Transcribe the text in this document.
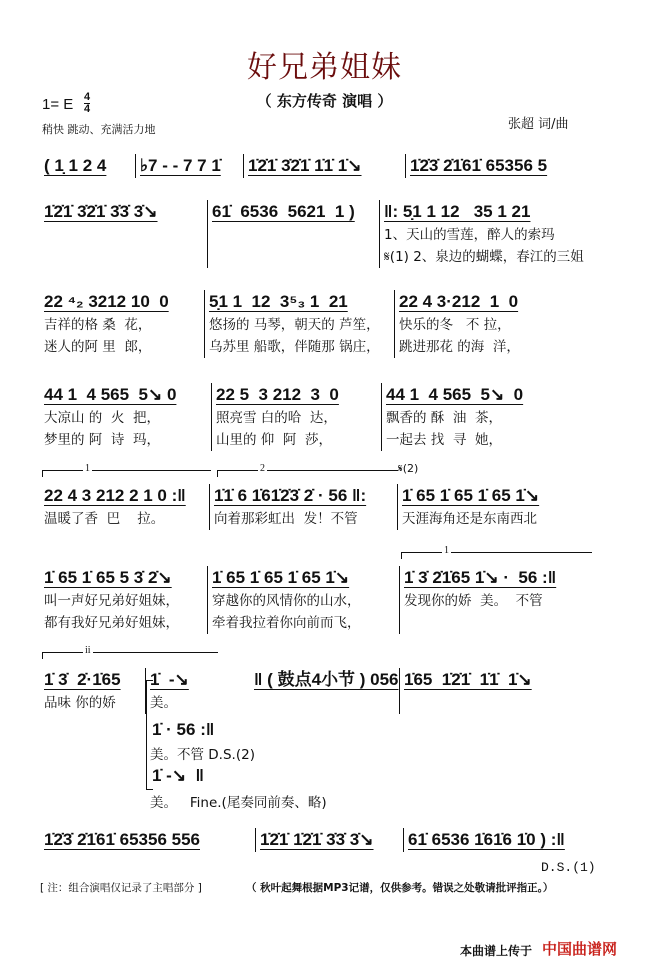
好兄弟姐妹
（ 东方传奇 演唱 ）
1= E 4
4
稍快 跳动、充满活力地	张超 词/曲
( 1̣ 1 2 4	♭7 - - 7 7 1̇	1̇2̇1̇ 3̇2̇1̇ 1̇1̇ 1̇↘	1̇2̇3̇ 2̇1̇61̇ 65356 5
1̇2̇1̇ 3̇2̇1̇ 3̇3̇ 3̇↘	61̇  6536  5621  1 )	‖: 5̣1 1 12   35 1 21
1、天山的雪莲，醉人的索玛
𝄋(1) 2、泉边的蝴蝶，春江的三姐
22 ⁴₂ 3212 10  0
吉祥的格 桑  花，
迷人的阿 里  郎，
5̣1 1  12  3⁵₃ 1  21
悠扬的 马琴，朝天的 芦笙，
乌苏里 船歌，伴随那 锅庄，
22 4 3·212  1  0
快乐的冬   不 拉，
跳进那花 的海  洋，
44 1  4 565  5↘ 0
大凉山 的  火  把，
梦里的 阿  诗  玛，
22 5  3 212  3  0
照亮雪 白的哈  达，
山里的 仰  阿  莎，
44 1  4 565  5↘  0
飘香的 酥  油  茶，
一起去 找  寻  她，
22 4 3 212 2 1 0 :‖
温暖了香  巴    拉。
1̇1̇ 6 1̇61̇2̇3̇ 2̇ · 56 ‖:
向着那彩虹出  发！不管
1̇ 65 1̇ 65 1̇ 65 1̇↘
天涯海角还是东南西北
1̇ 65 1̇ 65 5 3̇ 2̇↘
叫一声好兄弟好姐妹，
都有我好兄弟好姐妹，
1̇ 65 1̇ 65 1̇ 65 1̇↘
穿越你的风情你的山水，
牵着我拉着你向前而飞，
1̇ 3̇ 2̇1̇65 1̇↘ ·  56 :‖
发现你的娇  美。  不管
1̇ 3̇  2̇·1̇65
品味 你的娇
1̇  -↘
美。
‖ ( 鼓点4小节 ) 056 1̇65  1̇2̇1̇  1̇1̇  1̇↘
1̇2̇3̇ 2̇1̇61̇ 65356 556	1̇2̇1̇ 1̇2̇1̇ 3̇3̇ 3̇↘	61̇ 6536 1̇61̇6 1̇0 ) :‖
1	2	𝄋(2)
1
ii
1̇ · 56 :‖
美。不管 D.S.(2)
1̇ -↘  ‖
美。   Fine.(尾奏同前奏、略)
D.S.(1)
[ 注：组合演唱仅记录了主唱部分 ]	（ 秋叶起舞根据MP3记谱，仅供参考。错误之处敬请批评指正。）
本曲谱上传于 中国曲谱网
